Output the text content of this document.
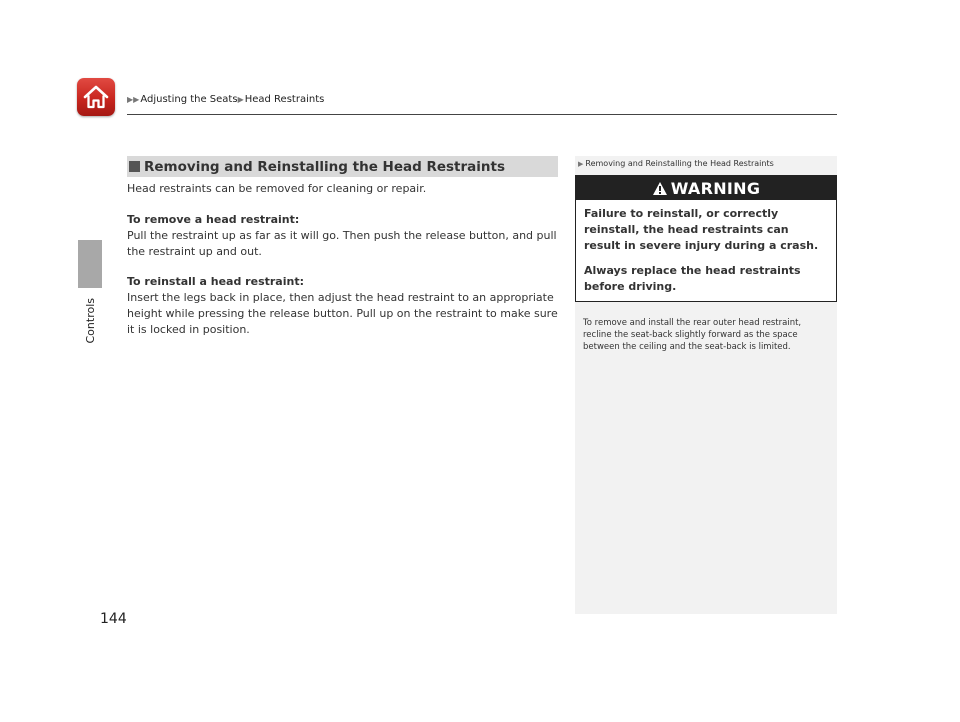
▶▶Adjusting the Seats▶Head Restraints
Controls
Removing and Reinstalling the Head Restraints
Head restraints can be removed for cleaning or repair.
To remove a head restraint:
Pull the restraint up as far as it will go. Then push the release button, and pull the restraint up and out.
To reinstall a head restraint:
Insert the legs back in place, then adjust the head restraint to an appropriate height while pressing the release button. Pull up on the restraint to make sure it is locked in position.
▶ Removing and Reinstalling the Head Restraints
WARNING
Failure to reinstall, or correctly reinstall, the head restraints can result in severe injury during a crash.
Always replace the head restraints before driving.
To remove and install the rear outer head restraint, recline the seat-back slightly forward as the space between the ceiling and the seat-back is limited.
144
